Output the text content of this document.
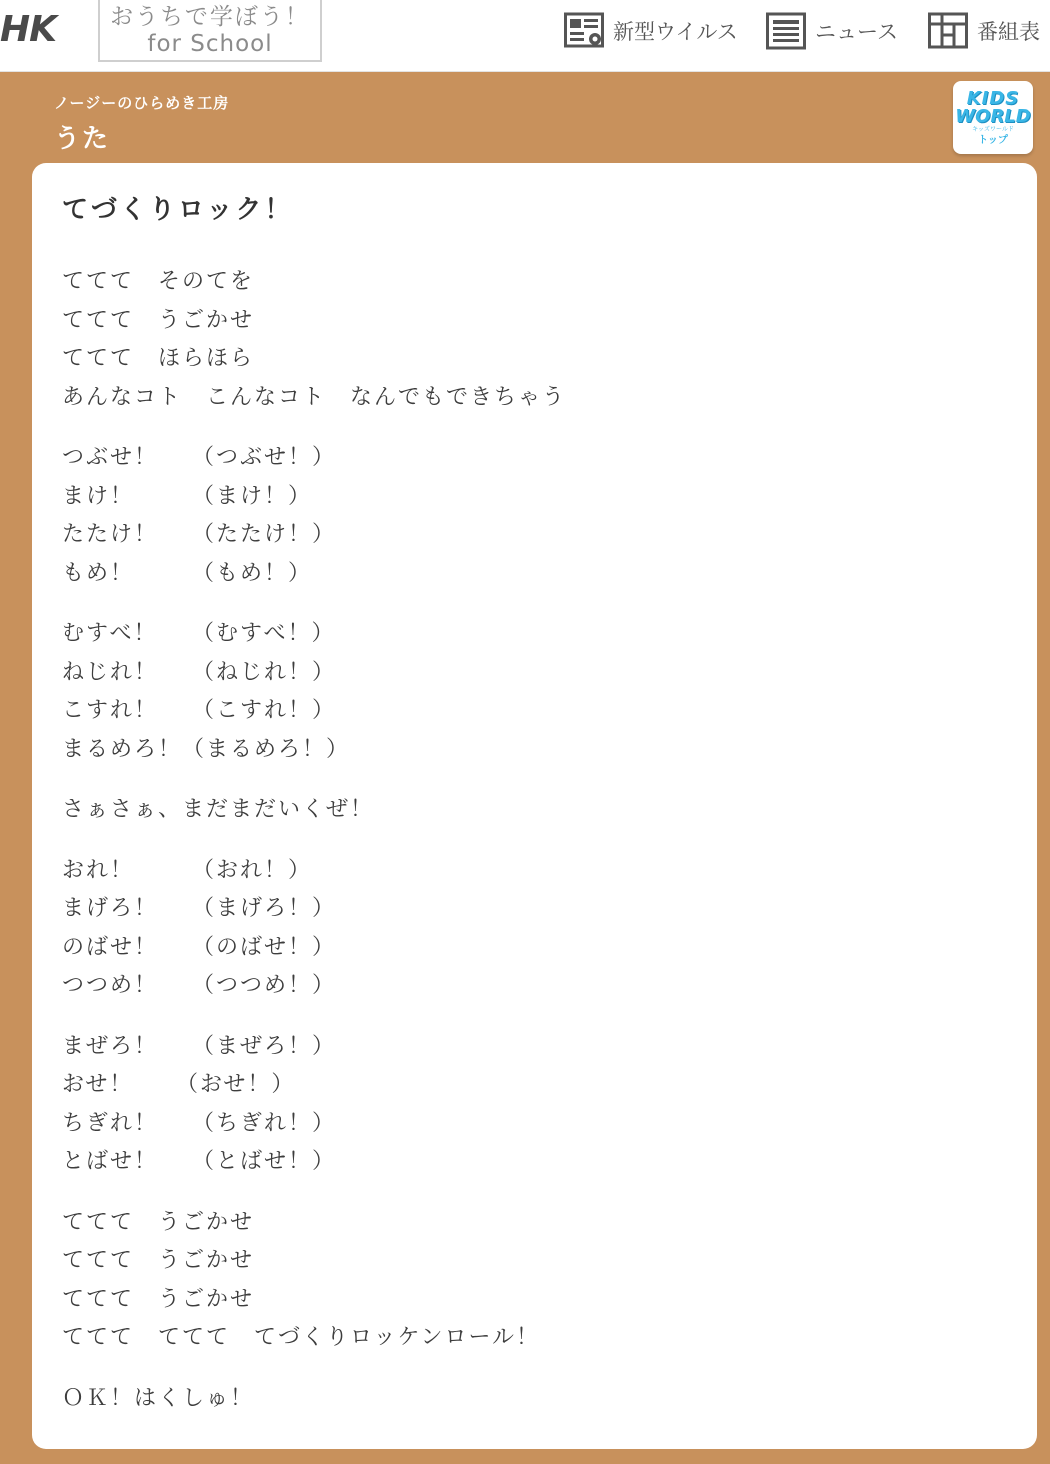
HK	おうちで学ぼう！
for School	新型ウイルス	ニュース	番組表
ノージーのひらめき工房
うた
KIDS
WORLD
キッズワールド
トップ
てづくりロック！
ててて　そのてを
ててて　うごかせ
ててて　ほらほら
あんなコト　こんなコト　なんでもできちゃう
つぶせ！ （つぶせ！）
まけ！	（まけ！）
たたけ！ （たたけ！）
もめ！	（もめ！）
むすべ！ （むすべ！）
ねじれ！ （ねじれ！）
こすれ！ （こすれ！）
まるめろ！（まるめろ！）
さぁさぁ、まだまだいくぜ！
おれ！	（おれ！）
まげろ！ （まげろ！）
のばせ！ （のばせ！）
つつめ！ （つつめ！）
まぜろ！ （まぜろ！）
おせ！ （おせ！）
ちぎれ！ （ちぎれ！）
とばせ！ （とばせ！）
ててて　うごかせ
ててて　うごかせ
ててて　うごかせ
ててて　ててて　てづくりロッケンロール！
ＯＫ！はくしゅ！
